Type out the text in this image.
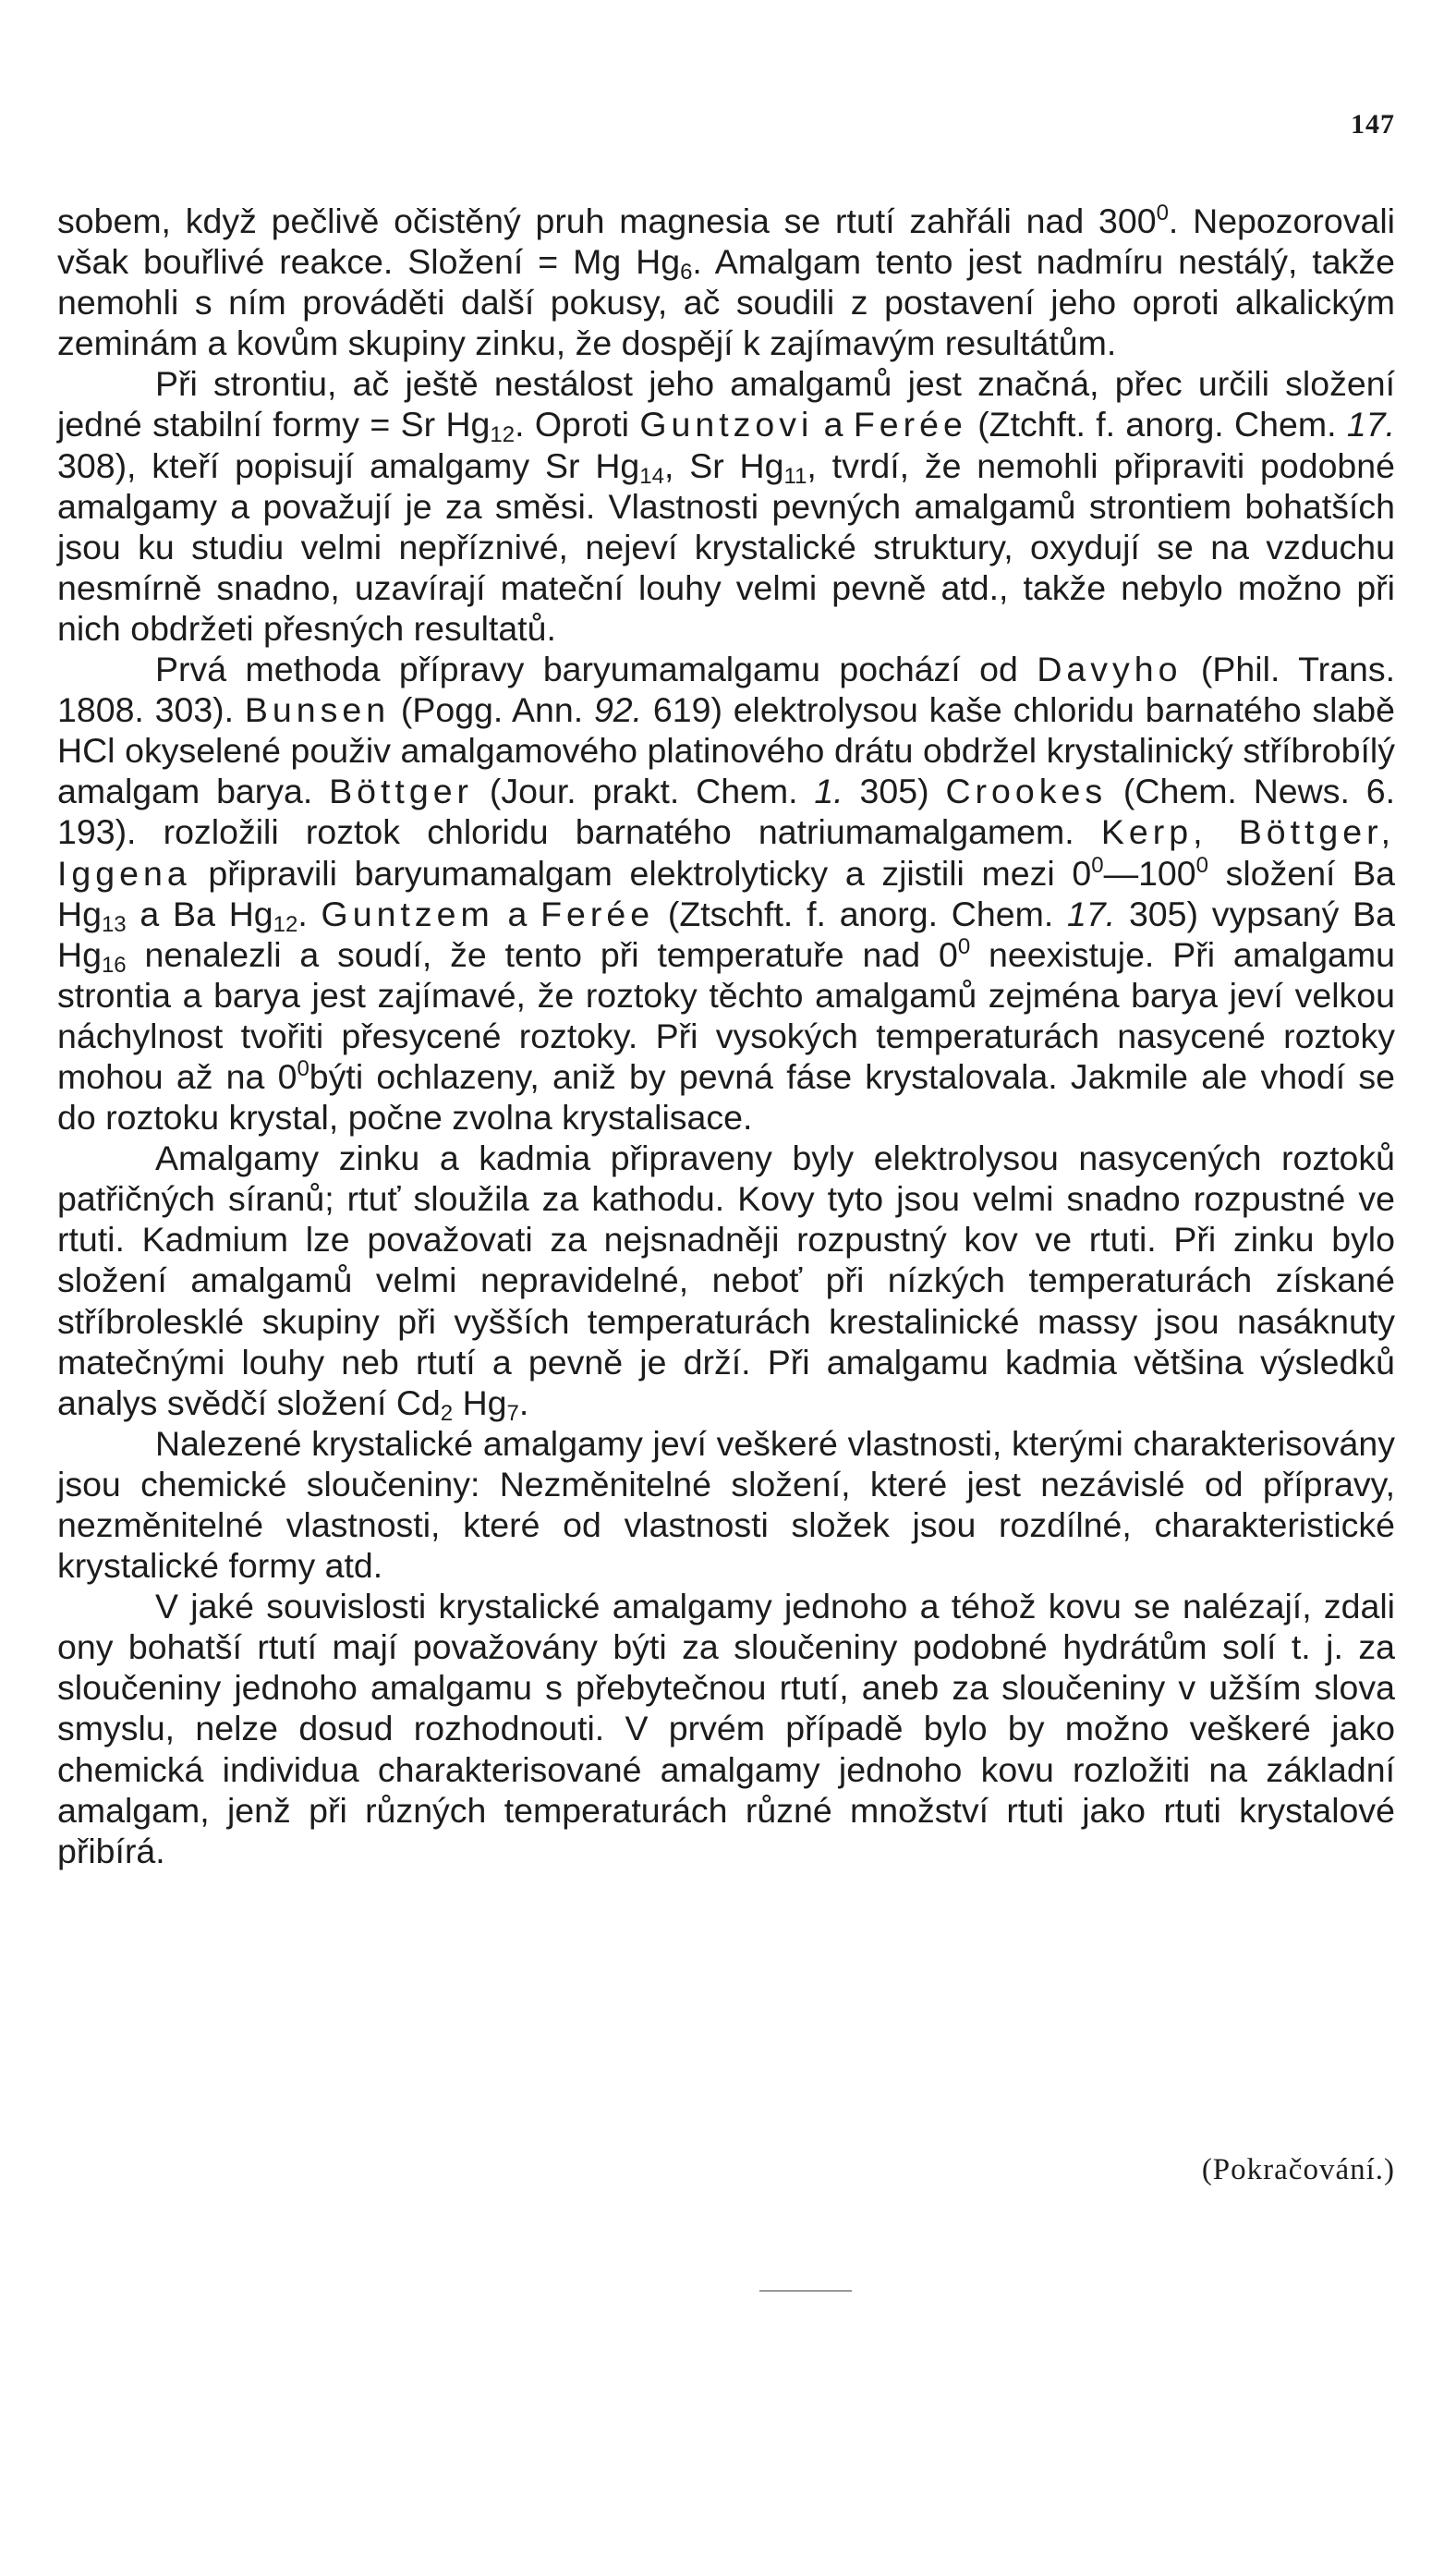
147

sobem, když pečlivě očistěný pruh magnesia se rtutí zahřáli nad $300^0$. Nepozorovali však bouřlivé reakce. Složení = Mg $Hg_6$. Amalgam tento jest nadmíru nestálý, takže nemohli s ním prováděti další pokusy, ač soudili z postavení jeho oproti alkalickým zeminám a kovům skupiny zinku, že dospějí k zajímavým resultátům.

Při strontiu, ač ještě nestálost jeho amalgamů jest značná, přec určili složení jedné stabilní formy = Sr $Hg_{12}$. Oproti Guntzovi a Ferée (Ztchft. f. anorg. Chem. 17. 308), kteří popisují amalgamy Sr $Hg_{14}$, Sr $Hg_{11}$, tvrdí, že nemohli připraviti podobné amalgamy a považují je za směsi. Vlastnosti pevných amalgamů strontiem bohatších jsou ku studiu velmi nepříznivé, nejeví krystalické struktury, oxydují se na vzduchu nesmírně snadno, uzavírají mateční louhy velmi pevně atd., takže nebylo možno při nich obdržeti přesných resultatů.

Prvá methoda přípravy baryumamalgamu pochází od Davyho (Phil. Trans. 1808. 303). Bunsen (Pogg. Ann. 92. 619) elektrolysou kaše chloridu barnatého slabě HCl okyselené použiv amalgamového platinového drátu obdržel krystalinický stříbrobílý amalgam barya. Böttger (Jour. prakt. Chem. 1. 305) Crookes (Chem. News. 6. 193). rozložili roztok chloridu barnatého natriumamalgamem. Kerp, Böttger, Iggena připravili baryumamalgam elektrolyticky a zjistili mezi $0^0—100^0$ složení Ba $Hg_{13}$ a Ba $Hg_{12}$. Guntzem a Ferée (Ztschft. f. anorg. Chem. 17. 305) vypsaný Ba $Hg_{16}$ nenalezli a soudí, že tento při temperatuře nad $0^0$ neexistuje. Při amalgamu strontia a barya jest zajímavé, že roztoky těchto amalgamů zejména barya jeví velkou náchylnost tvořiti přesycené roztoky. Při vysokých temperaturách nasycené roztoky mohou až na $0^0býti$ ochlazeny, aniž by pevná fáse krystalovala. Jakmile ale vhodí se do roztoku krystal, počne zvolna krystalisace.

Amalgamy zinku a kadmia připraveny byly elektrolysou nasycených roztoků patřičných síranů; rtuť sloužila za kathodu. Kovy tyto jsou velmi snadno rozpustné ve rtuti. Kadmium lze považovati za nejsnadněji rozpustný kov ve rtuti. Při zinku bylo složení amalgamů velmi nepravidelné, neboť při nízkých temperaturách získané stříbrolesklé skupiny při vyšších temperaturách krestalinické massy jsou nasáknuty matečnými louhy neb rtutí a pevně je drží. Při amalgamu kadmia většina výsledků analys svědčí složení $Cd_2$ $Hg_7$.

Nalezené krystalické amalgamy jeví veškeré vlastnosti, kterými charakterisovány jsou chemické sloučeniny: Nezměnitelné složení, které jest nezávislé od přípravy, nezměnitelné vlastnosti, které od vlastnosti složek jsou rozdílné, charakteristické krystalické formy atd.

V jaké souvislosti krystalické amalgamy jednoho a téhož kovu se nalézají, zdali ony bohatší rtutí mají považovány býti za sloučeniny podobné hydrátům solí t. j. za sloučeniny jednoho amalgamu s přebytečnou rtutí, aneb za sloučeniny v užším slova smyslu, nelze dosud rozhodnouti. V prvém případě bylo by možno veškeré jako chemická individua charakterisované amalgamy jednoho kovu rozložiti na základní amalgam, jenž při různých temperaturách různé množství rtuti jako rtuti krystalové přibírá.

(Pokračování.)
